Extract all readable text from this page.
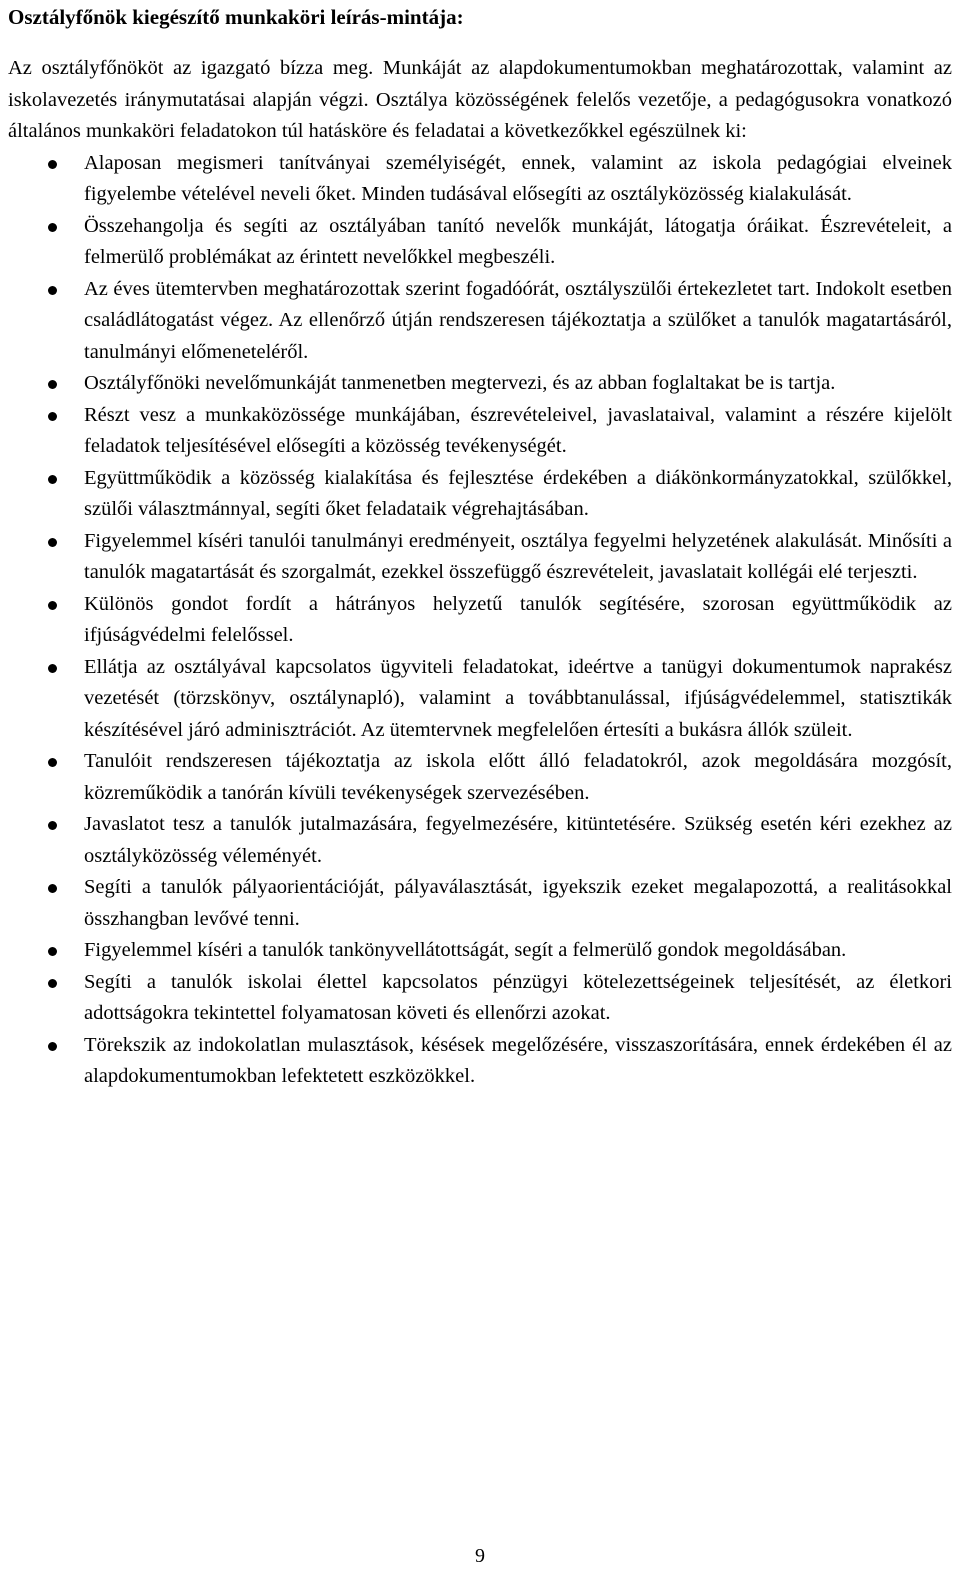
Osztályfőnök kiegészítő munkaköri leírás-mintája:

Az osztályfőnököt az igazgató bízza meg. Munkáját az alapdokumentumokban meghatározottak, valamint az iskolavezetés iránymutatásai alapján végzi. Osztálya közösségének felelős vezetője, a pedagógusokra vonatkozó általános munkaköri feladatokon túl hatásköre és feladatai a következőkkel egészülnek ki:

Alaposan megismeri tanítványai személyiségét, ennek, valamint az iskola pedagógiai elveinek figyelembe vételével neveli őket. Minden tudásával elősegíti az osztályközösség kialakulását.
Összehangolja és segíti az osztályában tanító nevelők munkáját, látogatja óráikat. Észrevételeit, a felmerülő problémákat az érintett nevelőkkel megbeszéli.
Az éves ütemtervben meghatározottak szerint fogadóórát, osztályszülői értekezletet tart. Indokolt esetben családlátogatást végez. Az ellenőrző útján rendszeresen tájékoztatja a szülőket a tanulók magatartásáról, tanulmányi előmeneteléről.
Osztályfőnöki nevelőmunkáját tanmenetben megtervezi, és az abban foglaltakat be is tartja.
Részt vesz a munkaközössége munkájában, észrevételeivel, javaslataival, valamint a részére kijelölt feladatok teljesítésével elősegíti a közösség tevékenységét.
Együttműködik a közösség kialakítása és fejlesztése érdekében a diákönkormányzatokkal, szülőkkel, szülői választmánnyal, segíti őket feladataik végrehajtásában.
Figyelemmel kíséri tanulói tanulmányi eredményeit, osztálya fegyelmi helyzetének alakulását. Minősíti a tanulók magatartását és szorgalmát, ezekkel összefüggő észrevételeit, javaslatait kollégái elé terjeszti.
Különös gondot fordít a hátrányos helyzetű tanulók segítésére, szorosan együttműködik az ifjúságvédelmi felelőssel.
Ellátja az osztályával kapcsolatos ügyviteli feladatokat, ideértve a tanügyi dokumentumok naprakész vezetését (törzskönyv, osztálynapló), valamint a továbbtanulással, ifjúságvédelemmel, statisztikák készítésével járó adminisztrációt. Az ütemtervnek megfelelően értesíti a bukásra állók szüleit.
Tanulóit rendszeresen tájékoztatja az iskola előtt álló feladatokról, azok megoldására mozgósít, közreműködik a tanórán kívüli tevékenységek szervezésében.
Javaslatot tesz a tanulók jutalmazására, fegyelmezésére, kitüntetésére. Szükség esetén kéri ezekhez az osztályközösség véleményét.
Segíti a tanulók pályaorientációját, pályaválasztását, igyekszik ezeket megalapozottá, a realitásokkal összhangban levővé tenni.
Figyelemmel kíséri a tanulók tankönyvellátottságát, segít a felmerülő gondok megoldásában.
Segíti a tanulók iskolai élettel kapcsolatos pénzügyi kötelezettségeinek teljesítését, az életkori adottságokra tekintettel folyamatosan követi és ellenőrzi azokat.
Törekszik az indokolatlan mulasztások, késések megelőzésére, visszaszorítására, ennek érdekében él az alapdokumentumokban lefektetett eszközökkel.
9
